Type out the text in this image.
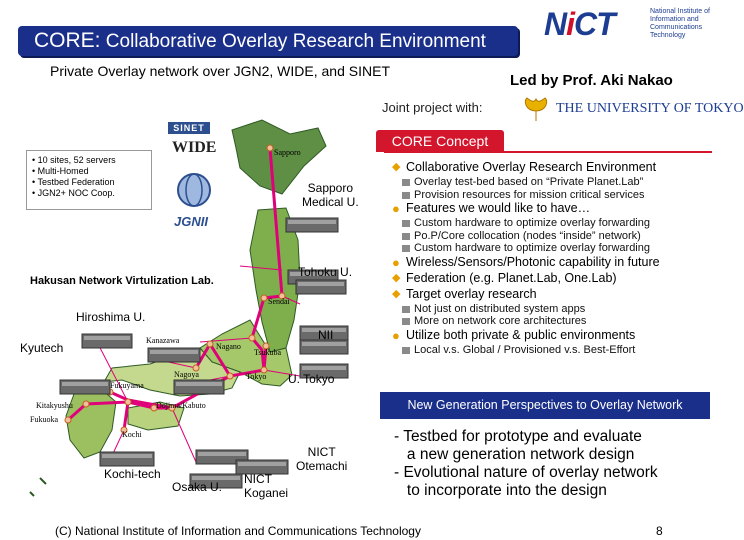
CORE: Collaborative Overlay Research Environment
Private Overlay network over JGN2, WIDE, and SINET
Led by Prof. Aki Nakao
NiCT	National Institute of
Information and
Communications
Technology
Joint project with:	THE UNIVERSITY OF TOKYO
SINET
WIDE
JGNII
• 10 sites, 52 servers
• Multi-Homed
• Testbed Federation
• JGN2+ NOC Coop.
Sapporo
Sapporo
Medical U.
Tohoku U.
Hakusan Network Virtulization Lab.
Sendai
Hiroshima U.
NII
Kyutech
Kanazawa
Nagano
Tsukuba
Nagoya	Tokyo U. Tokyo
Fukuyama
Kitakyushu	Dojima/Kabuto
Fukuoka
Kochi
NICT
Otemachi
Kochi-tech
Osaka U.
NICT
Koganei
CORE Concept
◆ Collaborative Overlay Research Environment
Overlay test-bed based on “Private Planet.Lab”
Provision resources for mission critical services
● Features we would like to have…
Custom hardware to optimize overlay forwarding
Po.P/Core collocation (nodes “inside” network)
Custom hardware to optimize overlay forwarding
● Wireless/Sensors/Photonic capability in future
◆ Federation (e.g. Planet.Lab, One.Lab)
◆ Target overlay research
Not just on distributed system apps
More on network core architectures
● Utilize both private & public environments
Local v.s. Global / Provisioned v.s. Best-Effort
New Generation Perspectives to Overlay Network
- Testbed for prototype and evaluate
a new generation network design
- Evolutional nature of overlay network
to incorporate into the design
(C) National Institute of Information and Communications Technology	8
